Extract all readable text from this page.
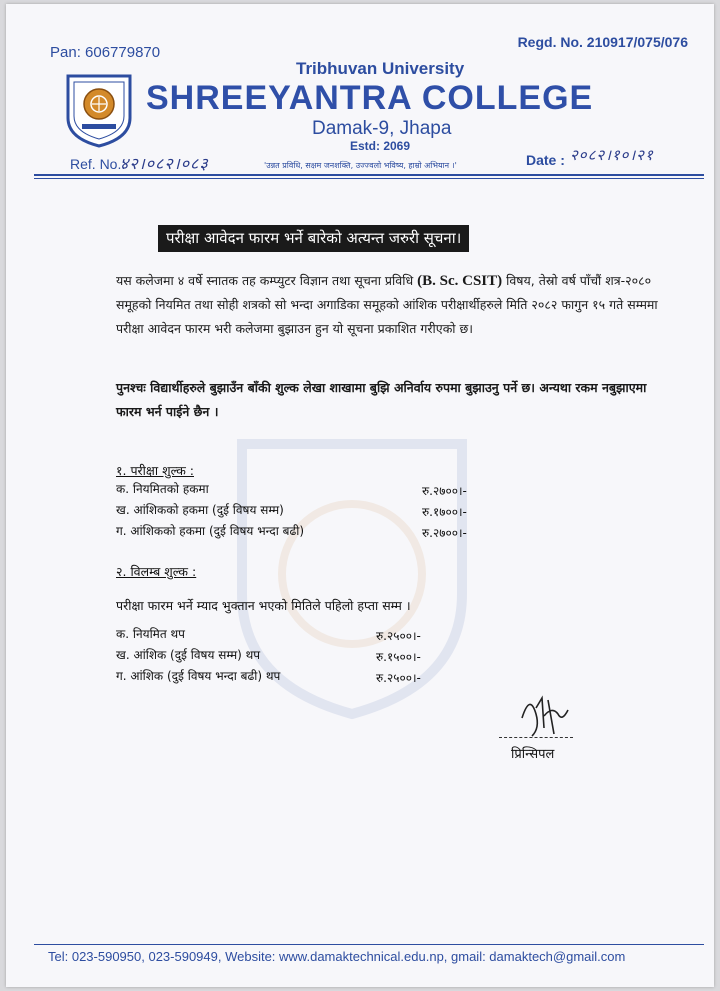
Pan: 606779870
Regd. No. 210917/075/076
Tribhuvan University
SHREEYANTRA COLLEGE
Damak-9, Jhapa
Estd: 2069
Ref. No.:
४२।०८२।०८३	'उन्नत प्रविधि, सक्षम जनशक्ति, उज्ज्वलो भविष्य, हाम्रो अभियान ।'	Date : २०८२।१०।२१
परीक्षा आवेदन फारम भर्ने बारेको अत्यन्त जरुरी सूचना।
यस कलेजमा ४ वर्षे स्नातक तह कम्प्युटर विज्ञान तथा सूचना प्रविधि (B. Sc. CSIT) विषय, तेस्रो वर्ष पाँचौं शत्र-२०८० समूहको नियमित तथा सोही शत्रको सो भन्दा अगाडिका समूहको आंशिक परीक्षार्थीहरुले मिति २०८२ फागुन १५ गते सम्ममा परीक्षा आवेदन फारम भरी कलेजमा बुझाउन हुन यो सूचना प्रकाशित गरीएको छ।
पुनश्चः विद्यार्थीहरुले बुझाउँन बाँकी शुल्क लेखा शाखामा बुझि अनिर्वाय रुपमा बुझाउनु पर्ने छ। अन्यथा रकम नबुझाएमा फारम भर्न पाईने छैन ।
१. परीक्षा शुल्क :
क. नियमितको हकमा	रु.२७००।-
ख. आंशिकको हकमा (दुई विषय सम्म)	रु.१७००।-
ग. आंशिकको हकमा (दुई विषय भन्दा बढी)	रु.२७००।-
२. विलम्ब शुल्क :
परीक्षा फारम भर्ने म्याद भुक्तान भएको मितिले पहिलो हप्ता सम्म ।
क. नियमित थप	रु.२५००।-
ख. आंशिक (दुई विषय सम्म) थप	रु.१५००।-
ग. आंशिक (दुई विषय भन्दा बढी) थप	रु.२५००।-
प्रिन्सिपल
Tel: 023-590950, 023-590949, Website: www.damaktechnical.edu.np, gmail: damaktech@gmail.com
